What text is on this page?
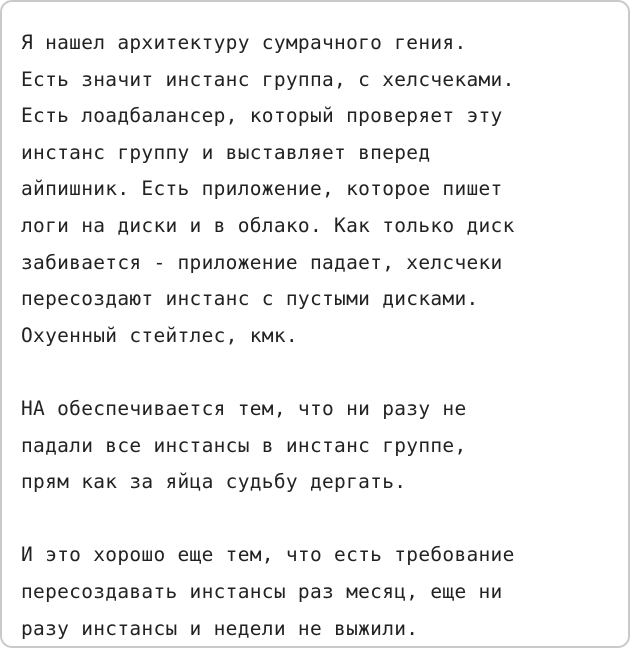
Я нашел архитектуру сумрачного гения.
Есть значит инстанс группа, с хелсчеками.
Есть лоадбалансер, который проверяет эту
инстанс группу и выставляет вперед
айпишник. Есть приложение, которое пишет
логи на диски и в облако. Как только диск
забивается - приложение падает, хелсчеки
пересоздают инстанс с пустыми дисками.
Охуенный стейтлес, кмк.
НА обеспечивается тем, что ни разу не
падали все инстансы в инстанс группе,
прям как за яйца судьбу дергать.
И это хорошо еще тем, что есть требование
пересоздавать инстансы раз месяц, еще ни
разу инстансы и недели не выжили.
